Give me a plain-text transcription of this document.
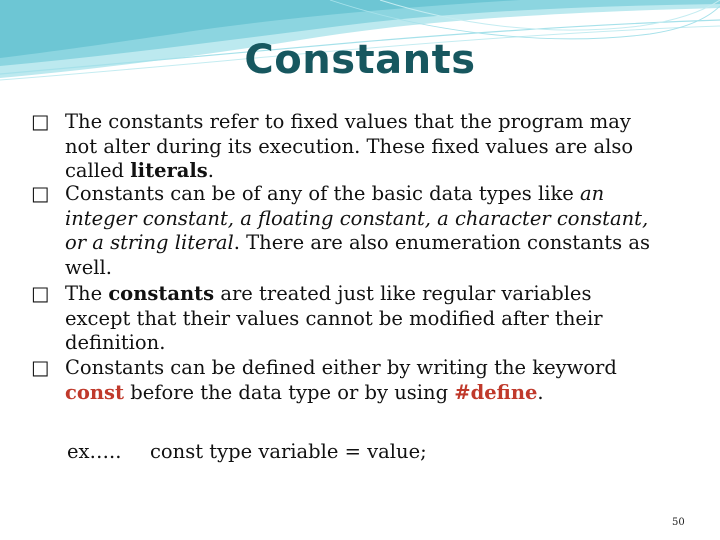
Constants
□ The constants refer to fixed values that the program may
not alter during its execution. These fixed values are also
called literals.
□ Constants can be of any of the basic data types like an
integer constant, a floating constant, a character constant,
or a string literal. There are also enumeration constants as
well.
□ The constants are treated just like regular variables
except that their values cannot be modified after their
definition.
□ Constants can be defined either by writing the keyword
const before the data type or by using #define.
ex….. const type variable = value;
50
